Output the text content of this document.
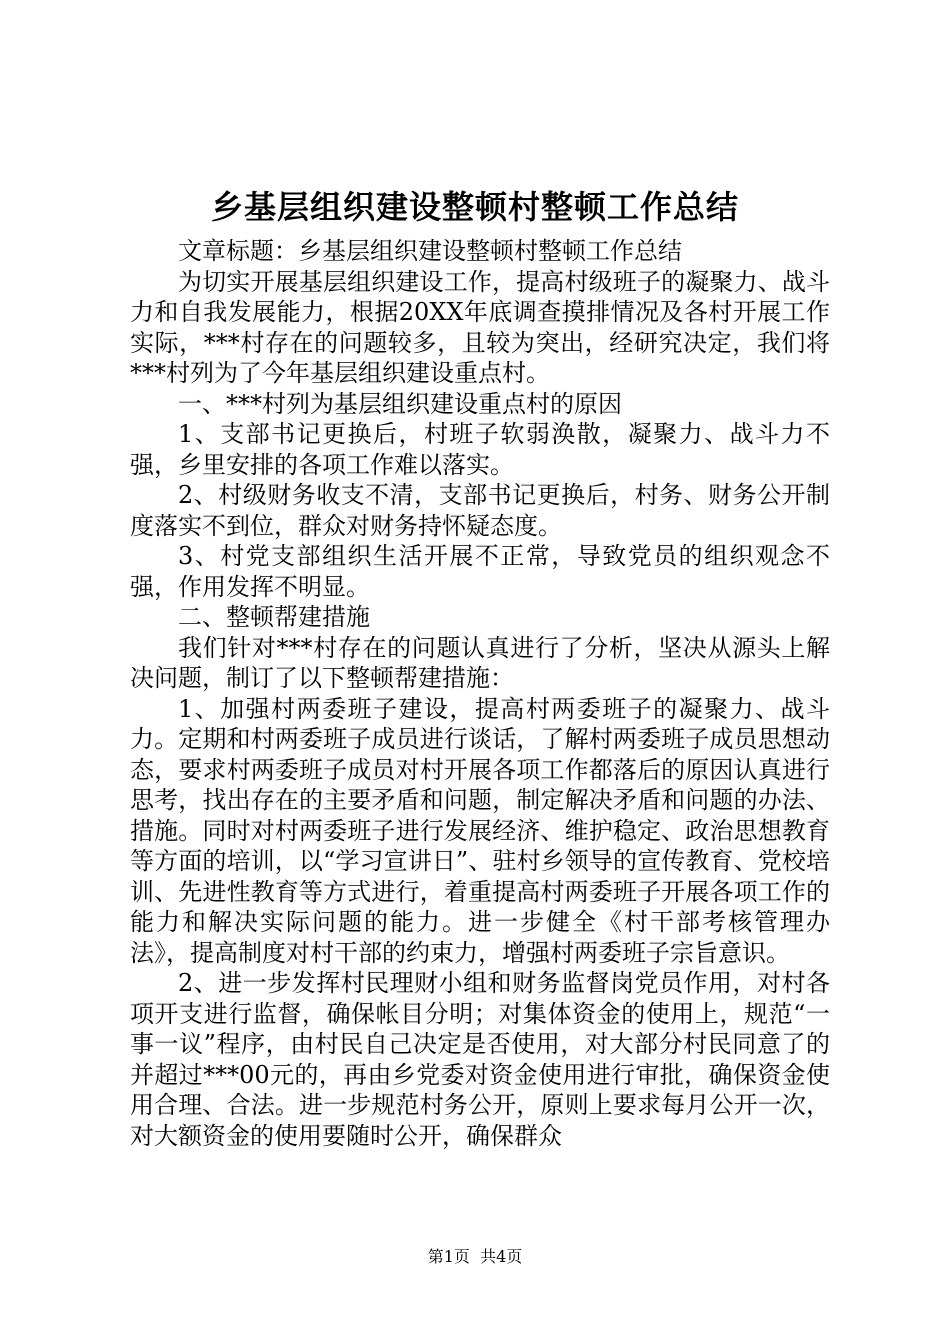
乡基层组织建设整顿村整顿工作总结

文章标题：乡基层组织建设整顿村整顿工作总结

为切实开展基层组织建设工作，提高村级班子的凝聚力、战斗力和自我发展能力，根据20XX年底调查摸排情况及各村开展工作实际，***村存在的问题较多，且较为突出，经研究决定，我们将***村列为了今年基层组织建设重点村。

一、***村列为基层组织建设重点村的原因

1、支部书记更换后，村班子软弱涣散，凝聚力、战斗力不强，乡里安排的各项工作难以落实。

2、村级财务收支不清，支部书记更换后，村务、财务公开制度落实不到位，群众对财务持怀疑态度。

3、村党支部组织生活开展不正常，导致党员的组织观念不强，作用发挥不明显。

二、整顿帮建措施

我们针对***村存在的问题认真进行了分析，坚决从源头上解决问题，制订了以下整顿帮建措施：

1、加强村两委班子建设，提高村两委班子的凝聚力、战斗力。定期和村两委班子成员进行谈话，了解村两委班子成员思想动态，要求村两委班子成员对村开展各项工作都落后的原因认真进行思考，找出存在的主要矛盾和问题，制定解决矛盾和问题的办法、措施。同时对村两委班子进行发展经济、维护稳定、政治思想教育等方面的培训，以“学习宣讲日”、驻村乡领导的宣传教育、党校培训、先进性教育等方式进行，着重提高村两委班子开展各项工作的能力和解决实际问题的能力。进一步健全《村干部考核管理办法》，提高制度对村干部的约束力，增强村两委班子宗旨意识。

2、进一步发挥村民理财小组和财务监督岗党员作用，对村各项开支进行监督，确保帐目分明；对集体资金的使用上，规范“一事一议”程序，由村民自己决定是否使用，对大部分村民同意了的并超过***00元的，再由乡党委对资金使用进行审批，确保资金使用合理、合法。进一步规范村务公开，原则上要求每月公开一次，对大额资金的使用要随时公开，确保群众

第1页  共4页
